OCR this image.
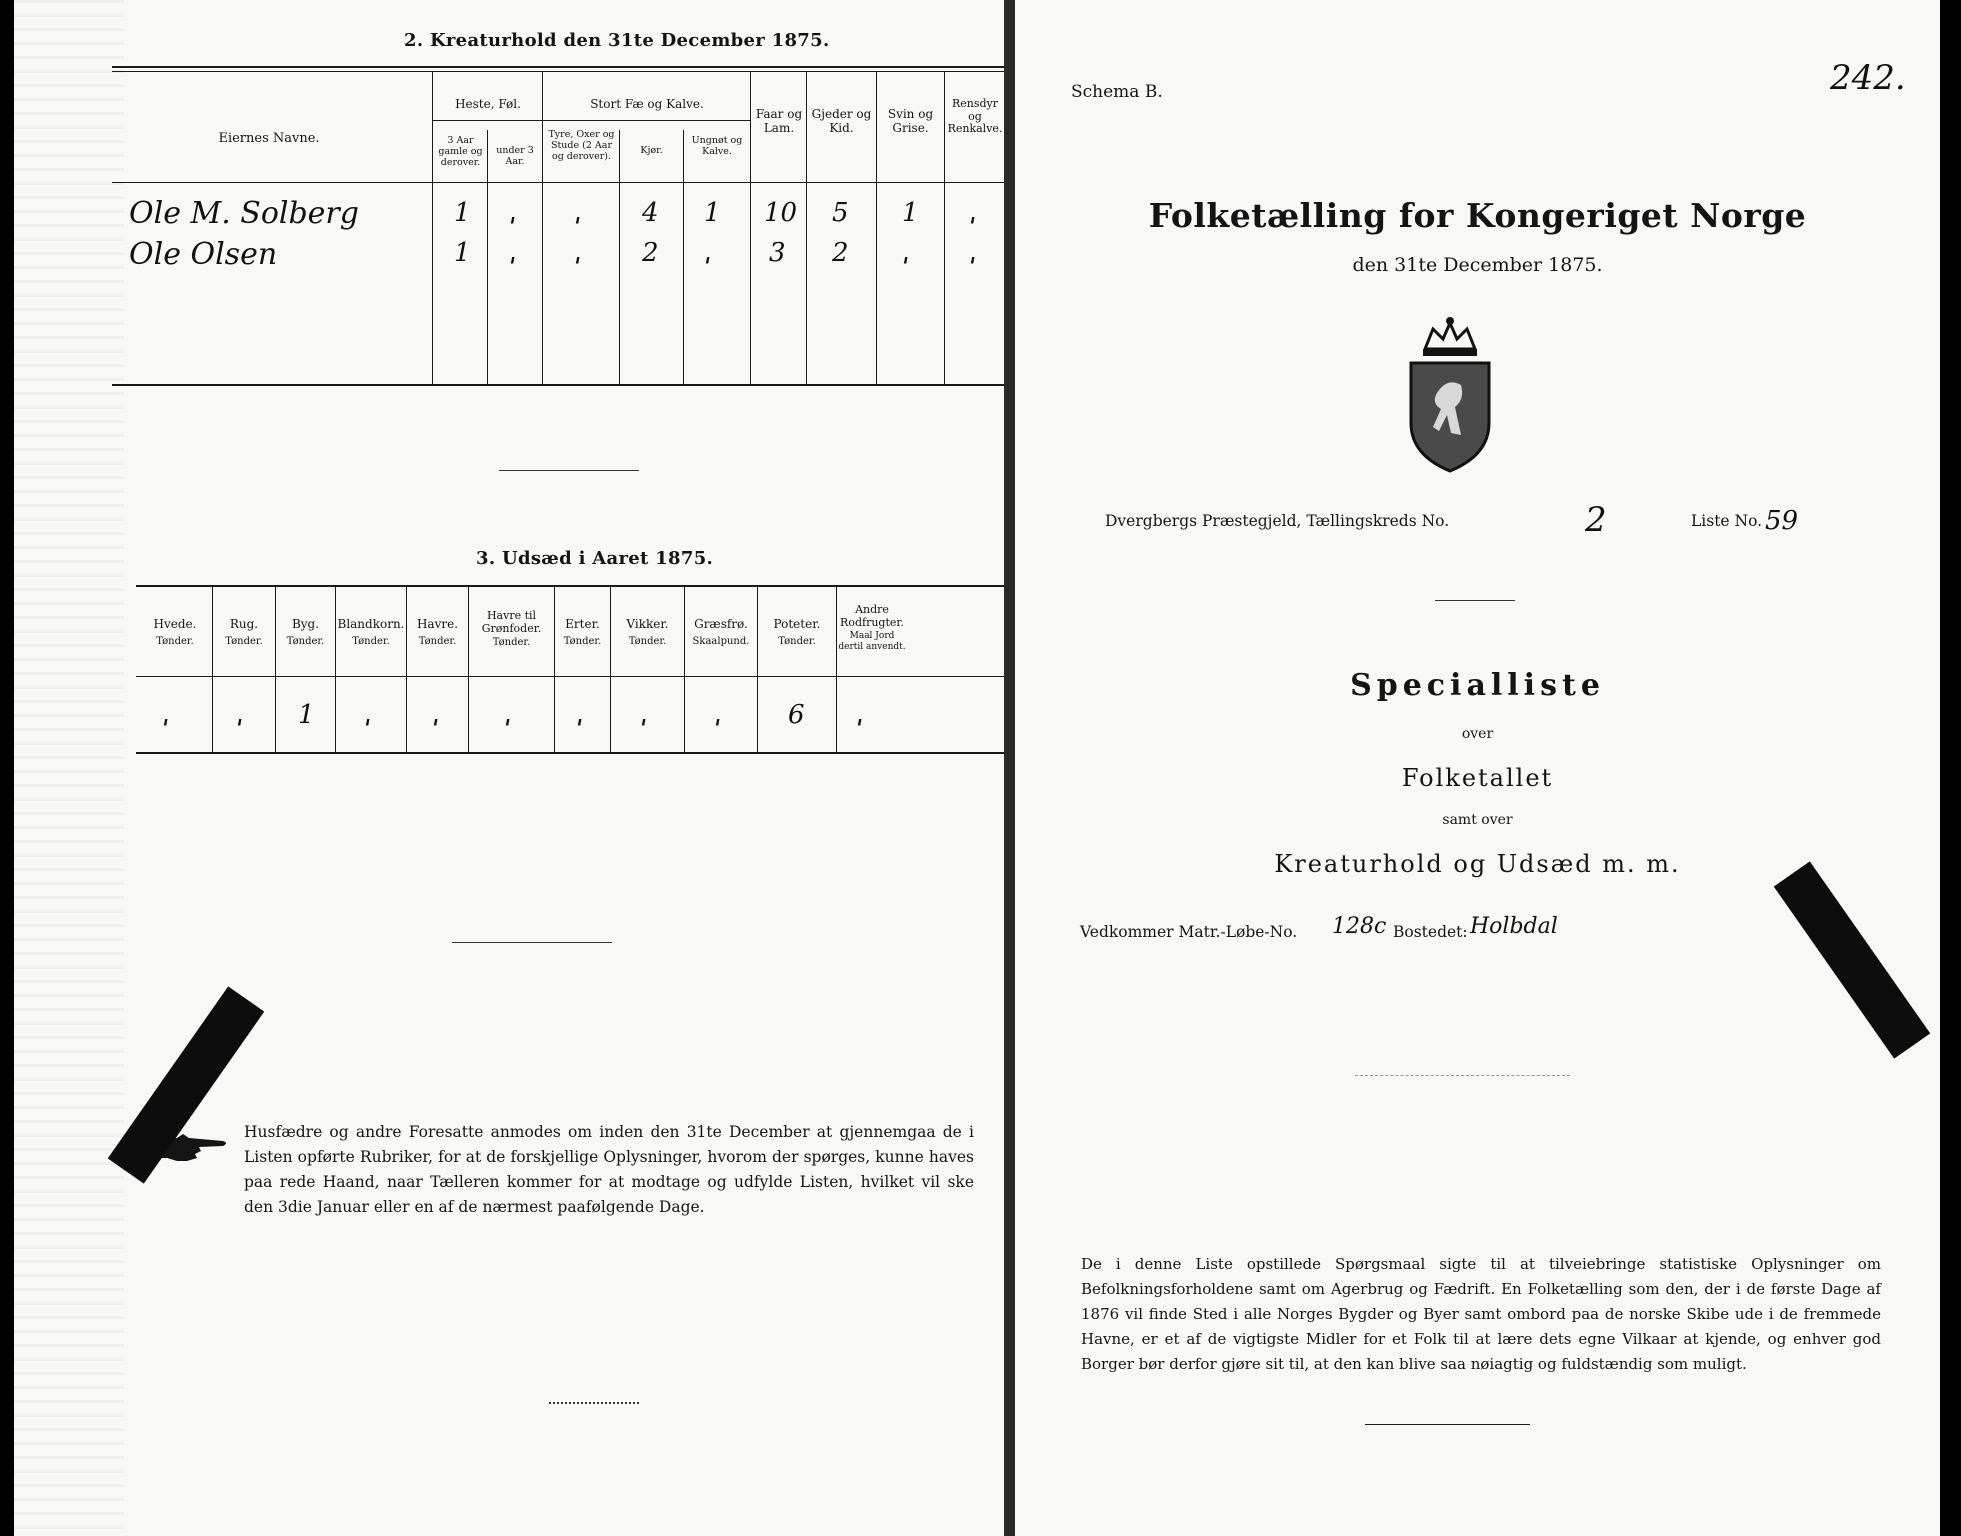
2. Kreaturhold den 31te December 1875.
Eiernes Navne.
Heste, Føl.	Stort Fæ og Kalve.
3 Aar gamle og derover.
under 3 Aar.
Tyre, Oxer og Stude (2 Aar og derover).
Kjør.
Ungnøt og Kalve.
Faar og Lam.
Gjeder og Kid.
Svin og Grise.
Rensdyr og Renkalve.
Ole M. Solberg	1 ˌ ˌ 4 1 10 5 1 ˌ
Ole Olsen	1 ˌ ˌ 2 ˌ 3 2 ˌ ˌ
3. Udsæd i Aaret 1875.
Hvede.
Tønder.
Rug.
Tønder.
Byg.
Tønder.
Blandkorn.
Tønder.
Havre.
Tønder.
Havre til Grønfoder.
Tønder.
Erter.
Tønder.
Vikker.
Tønder.
Græsfrø.
Skaalpund.
Poteter.
Tønder.
Andre Rodfrugter.
Maal Jord dertil anvendt.
ˌ	ˌ 1 ˌ ˌ ˌ ˌ ˌ	ˌ	6 ˌ
Husfædre og andre Foresatte anmodes om inden den 31te December at gjennemgaa de i Listen opførte Rubriker, for at de forskjellige Oplysninger, hvorom der spørges, kunne haves paa rede Haand, naar Tælleren kommer for at modtage og udfylde Listen, hvilket vil ske den 3die Januar eller en af de nærmest paafølgende Dage.
Schema B.	242.
Folketælling for Kongeriget Norge
den 31te December 1875.
Dvergbergs Præstegjeld, Tællingskreds No.	2	Liste No. 59
Specialliste
over
Folketallet
samt over
Kreaturhold og Udsæd m. m.
Vedkommer Matr.-Løbe-No. 128c Bostedet: Holbdal
De i denne Liste opstillede Spørgsmaal sigte til at tilveiebringe statistiske Oplysninger om Befolkningsforholdene samt om Agerbrug og Fædrift. En Folketælling som den, der i de første Dage af 1876 vil finde Sted i alle Norges Bygder og Byer samt ombord paa de norske Skibe ude i de fremmede Havne, er et af de vigtigste Midler for et Folk til at lære dets egne Vilkaar at kjende, og enhver god Borger bør derfor gjøre sit til, at den kan blive saa nøiagtig og fuldstændig som muligt.
